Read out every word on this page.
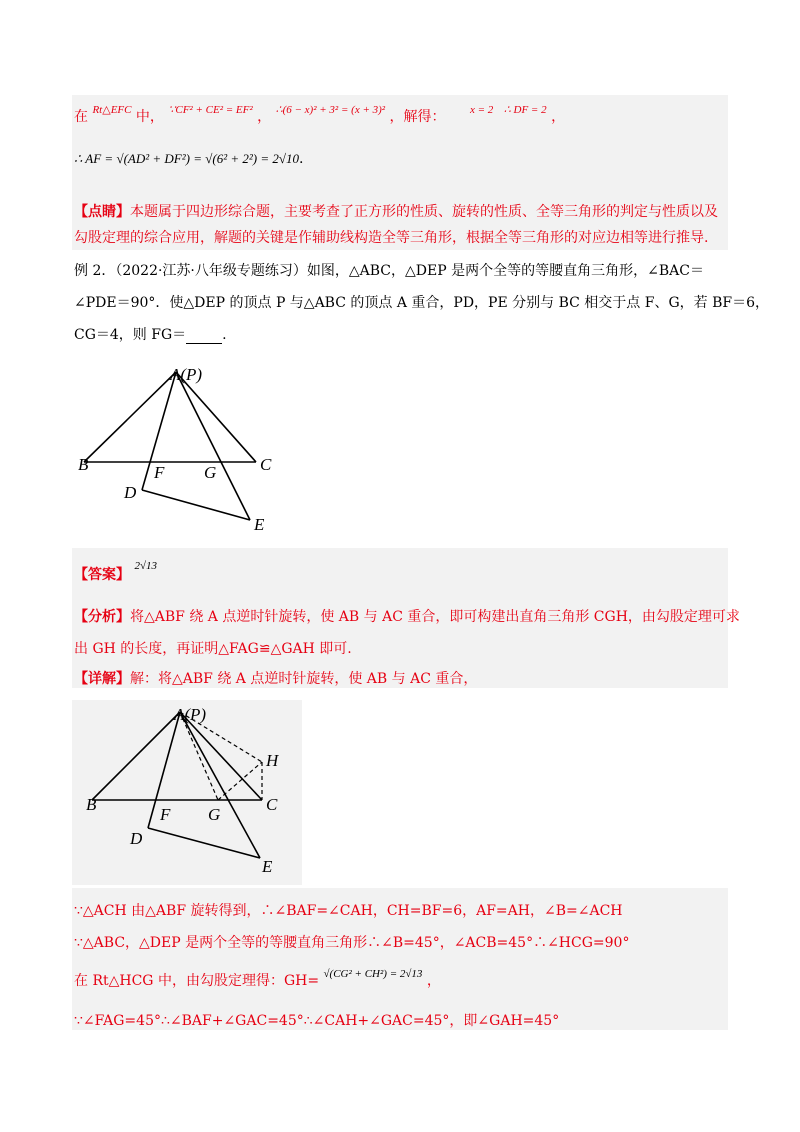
在 $^{Rt\triangle EFC}$ 中， $^{\because CF^2 + CE^2 = EF^2}$ ， $^{\therefore(6 - x)^2 + 3^2 = (x + 3)^2}$ ，解得： $^{x = 2}$ $^{\therefore DF = 2}$ ，
∴ AF = √(AD² + DF²) = √(6² + 2²) = 2√10.
【点睛】本题属于四边形综合题，主要考查了正方形的性质、旋转的性质、全等三角形的判定与性质以及
勾股定理的综合应用，解题的关键是作辅助线构造全等三角形，根据全等三角形的对应边相等进行推导.
例 2．（2022·江苏·八年级专题练习）如图，△ABC，△DEP 是两个全等的等腰直角三角形，∠BAC＝
∠PDE＝90°．使△DEP 的顶点 P 与△ABC 的顶点 A 重合，PD，PE 分别与 BC 相交于点 F、G，若 BF＝6，
CG＝4，则 FG＝	.
A(P)
B	C
F G
D
E
【答案】 $^{2√13}$
【分析】将△ABF 绕 A 点逆时针旋转，使 AB 与 AC 重合，即可构建出直角三角形 CGH，由勾股定理可求
出 GH 的长度，再证明△FAG≌△GAH 即可.
【详解】解：将△ABF 绕 A 点逆时针旋转，使 AB 与 AC 重合，
A(P)
B	C
F G
D
E
H
∵△ACH 由△ABF 旋转得到，∴∠BAF=∠CAH，CH=BF=6，AF=AH，∠B=∠ACH
∵△ABC，△DEP 是两个全等的等腰直角三角形∴∠B=45°，∠ACB=45°∴∠HCG=90°
在 Rt△HCG 中，由勾股定理得：GH= $^{√(CG^2 + CH^2) = 2√13}$ ，
∵∠FAG=45°∴∠BAF+∠GAC=45°∴∠CAH+∠GAC=45°，即∠GAH=45°
